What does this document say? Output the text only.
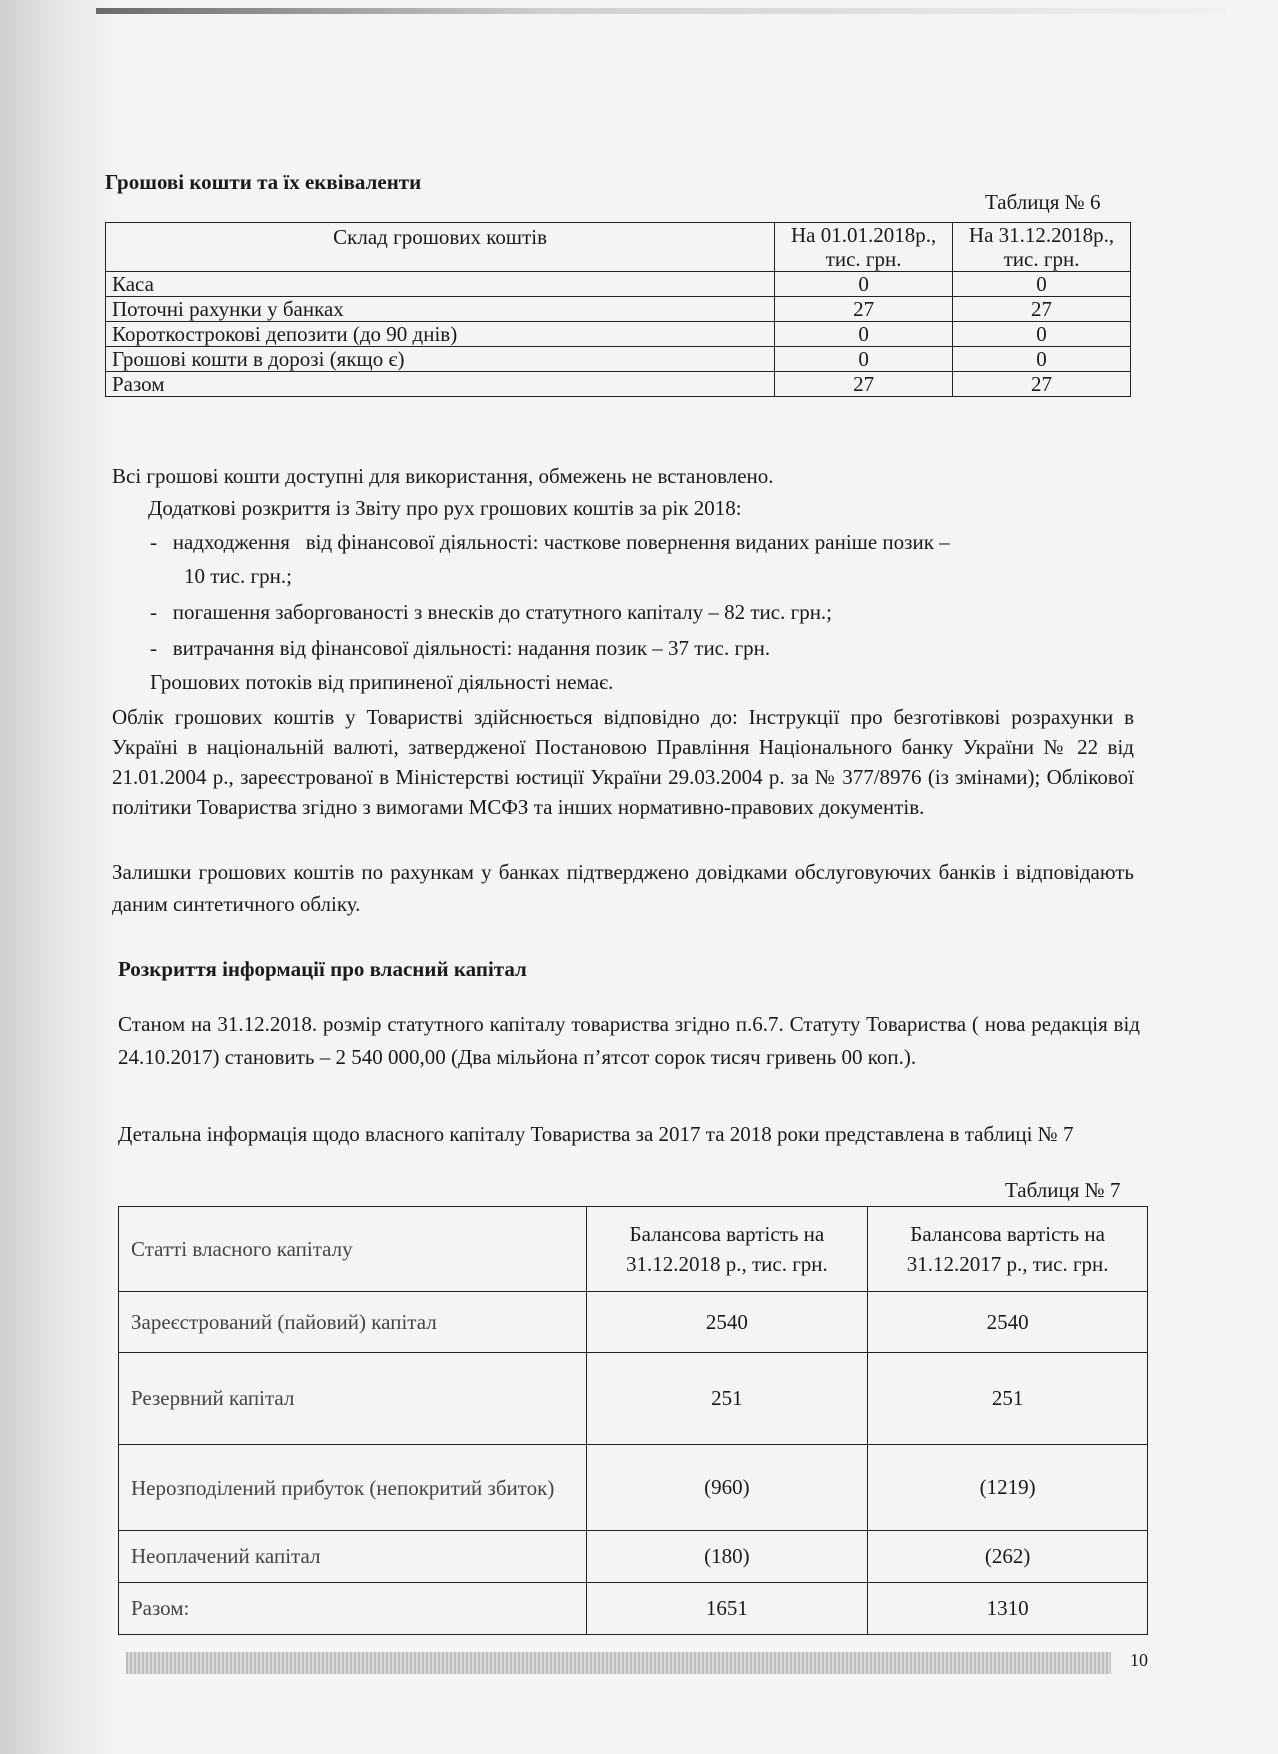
Грошові кошти та їх еквіваленти
Таблиця № 6
Склад грошових коштів	На 01.01.2018р., тис. грн.	На 31.12.2018р., тис. грн.
Каса	0	0
Поточні рахунки у банках	27	27
Короткострокові депозити (до 90 днів)	0	0
Грошові кошти в дорозі (якщо є)	0	0
Разом	27	27
Всі грошові кошти доступні для використання, обмежень не встановлено.
Додаткові розкриття із Звіту про рух грошових коштів за рік 2018:
-   надходження   від фінансової діяльності: часткове повернення виданих раніше позик –
10 тис. грн.;
-   погашення заборгованості з внесків до статутного капіталу – 82 тис. грн.;
-   витрачання від фінансової діяльності: надання позик – 37 тис. грн.
Грошових потоків від припиненої діяльності немає.
Облік грошових коштів у Товаристві здійснюється відповідно до: Інструкції про безготівкові розрахунки в Україні в національній валюті, затвердженої Постановою Правління Національного банку України № 22 від 21.01.2004 р., зареєстрованої в Міністерстві юстиції України 29.03.2004 р. за № 377/8976 (із змінами); Облікової політики Товариства згідно з вимогами МСФЗ та інших нормативно-правових документів.
Залишки грошових коштів по рахункам у банках підтверджено довідками обслуговуючих банків і відповідають даним синтетичного обліку.
Розкриття інформації про власний капітал
Станом на 31.12.2018. розмір статутного капіталу товариства згідно п.6.7. Статуту Товариства ( нова редакція від 24.10.2017) становить – 2 540 000,00 (Два мільйона п’ятсот сорок тисяч гривень 00 коп.).
Детальна інформація щодо власного капіталу Товариства за 2017 та 2018 роки представлена в таблиці № 7
Таблиця № 7
Статті власного капіталу	Балансова вартість на 31.12.2018 р., тис. грн.	Балансова вартість на 31.12.2017 р., тис. грн.
Зареєстрований (пайовий) капітал	2540	2540
Резервний капітал	251	251
Нерозподілений прибуток (непокритий збиток)	(960)	(1219)
Неоплачений капітал	(180)	(262)
Разом:	1651	1310
10
